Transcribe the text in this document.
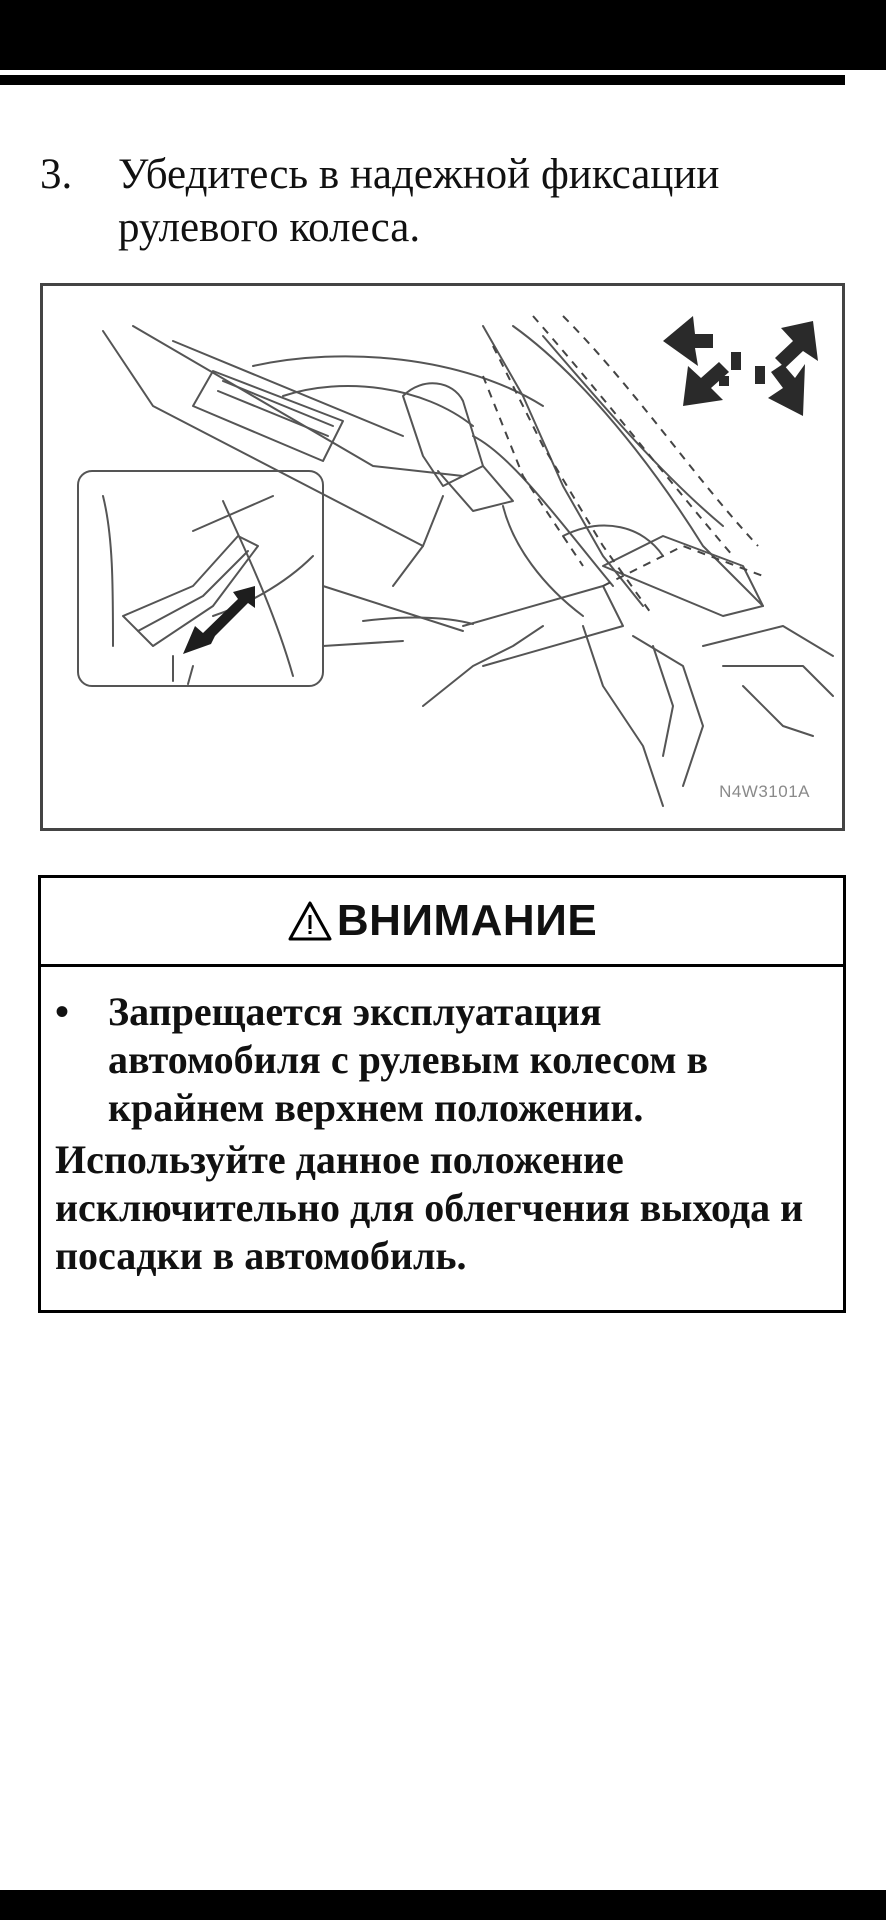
3. Убедитесь в надежной фиксации рулевого колеса.
N4W3101A
ВНИМАНИЕ
• Запрещается эксплуатация автомобиля с рулевым колесом в крайнем верхнем положении.
Используйте данное положение исключительно для облегчения выхода и посадки в автомобиль.
